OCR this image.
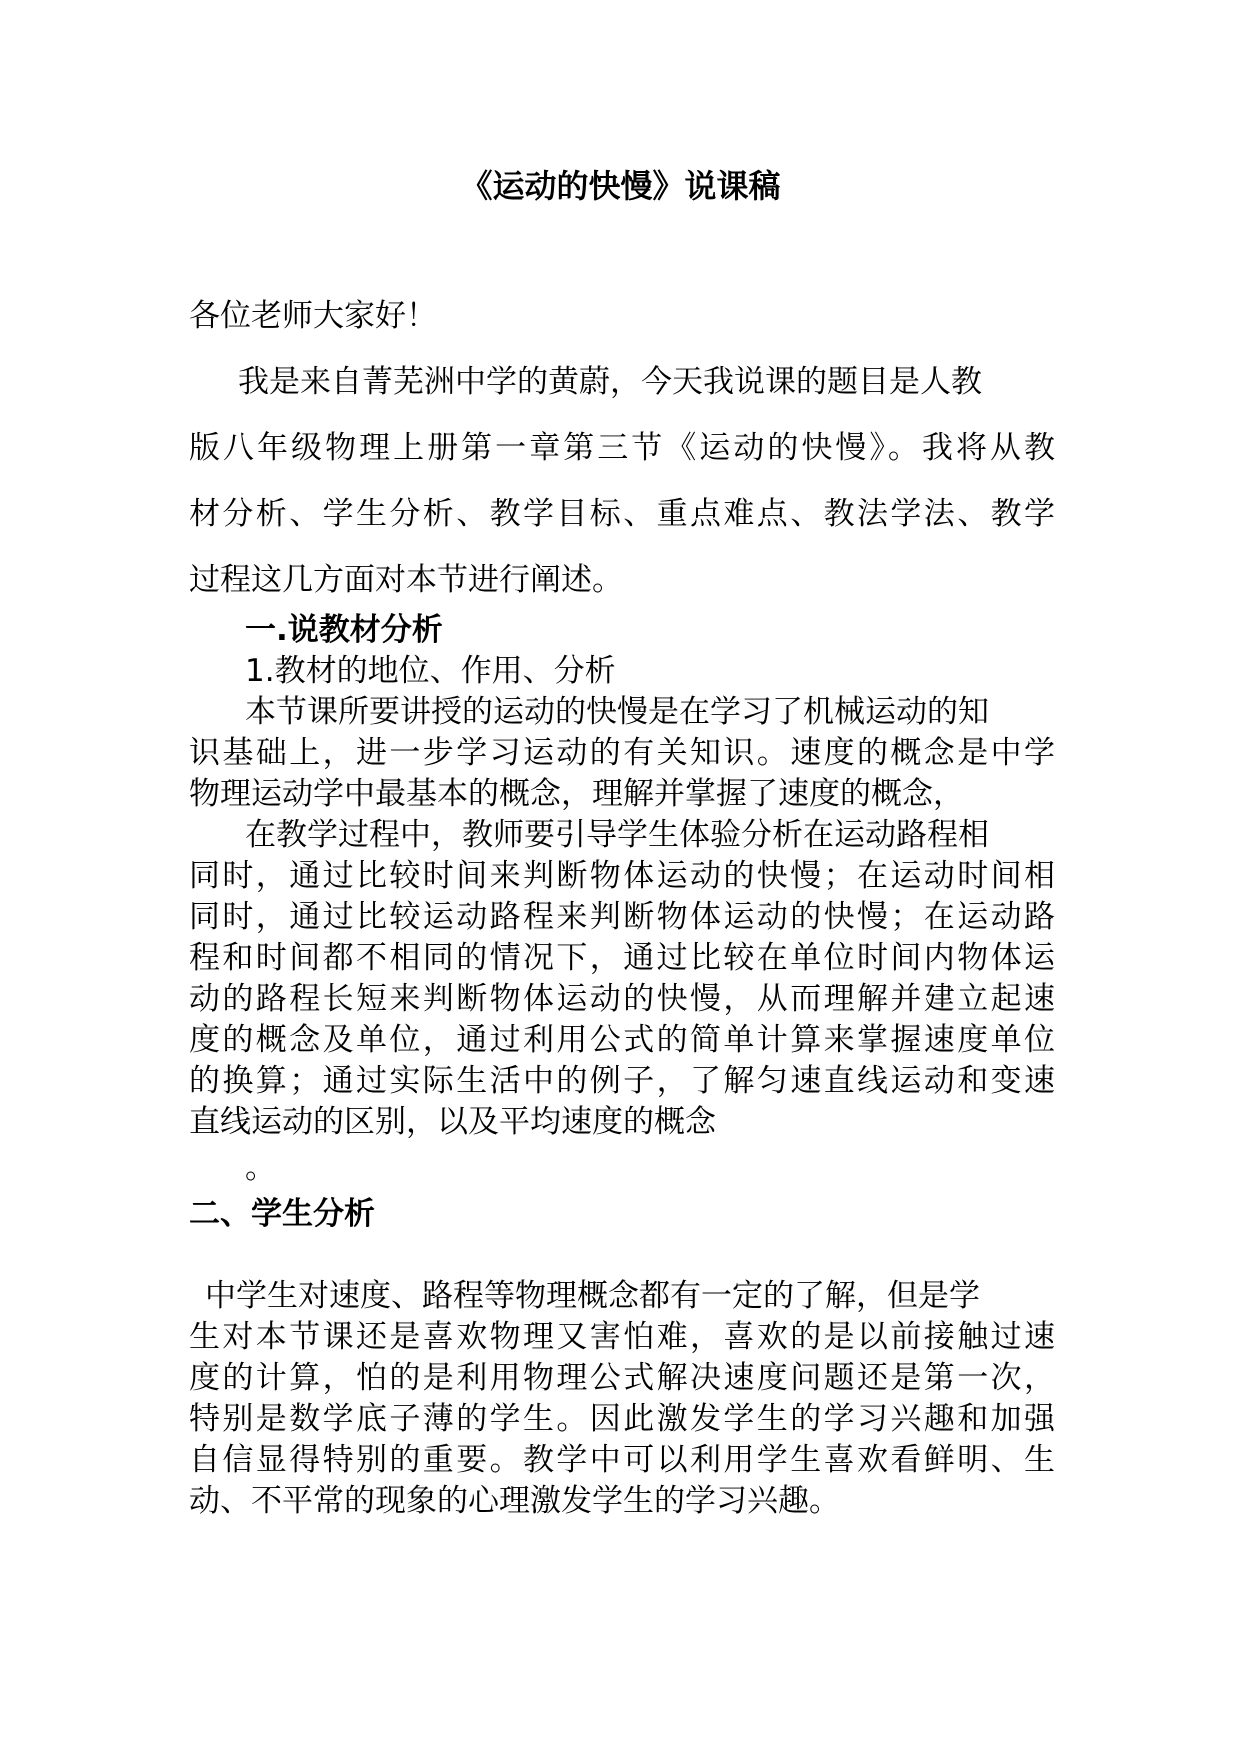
《运动的快慢》说课稿
各位老师大家好！
我是来自菁芜洲中学的黄蔚，今天我说课的题目是人教
版八年级物理上册第一章第三节《运动的快慢》。我将从教
材分析、学生分析、教学目标、重点难点、教法学法、教学
过程这几方面对本节进行阐述。
一.说教材分析
1.教材的地位、作用、分析
本节课所要讲授的运动的快慢是在学习了机械运动的知
识基础上，进一步学习运动的有关知识。速度的概念是中学
物理运动学中最基本的概念，理解并掌握了速度的概念，
在教学过程中，教师要引导学生体验分析在运动路程相
同时，通过比较时间来判断物体运动的快慢；在运动时间相
同时，通过比较运动路程来判断物体运动的快慢；在运动路
程和时间都不相同的情况下，通过比较在单位时间内物体运
动的路程长短来判断物体运动的快慢，从而理解并建立起速
度的概念及单位，通过利用公式的简单计算来掌握速度单位
的换算；通过实际生活中的例子，了解匀速直线运动和变速
直线运动的区别，以及平均速度的概念
。
二、学生分析
中学生对速度、路程等物理概念都有一定的了解，但是学
生对本节课还是喜欢物理又害怕难，喜欢的是以前接触过速
度的计算，怕的是利用物理公式解决速度问题还是第一次，
特别是数学底子薄的学生。因此激发学生的学习兴趣和加强
自信显得特别的重要。教学中可以利用学生喜欢看鲜明、生
动、不平常的现象的心理激发学生的学习兴趣。
